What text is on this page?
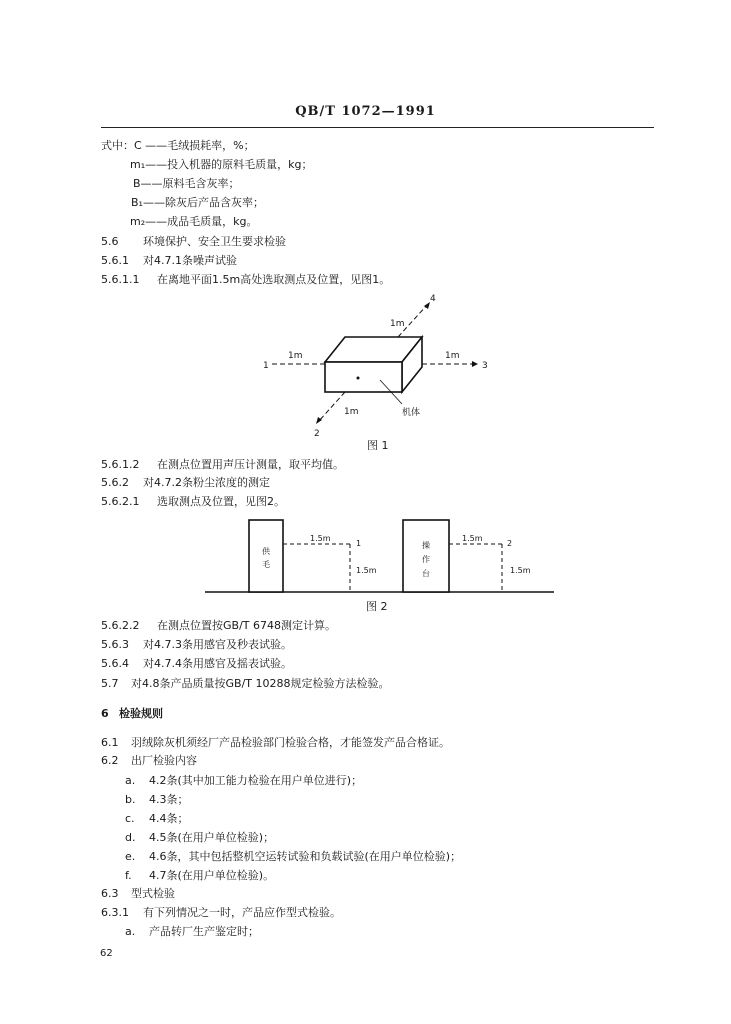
QB/T 1072—1991
式中：C ——毛绒损耗率，%；
m₁——投入机器的原料毛质量，kg；
B——原料毛含灰率；
B₁——除灰后产品含灰率；
m₂——成品毛质量，kg。
5.6 环境保护、安全卫生要求检验
5.6.1 对4.7.1条噪声试验
5.6.1.1 在离地平面1.5m高处选取测点及位置，见图1。
1m	1m
1m
1m
1
2
3
4
机体
图 1
5.6.1.2 在测点位置用声压计测量，取平均值。
5.6.2 对4.7.2条粉尘浓度的测定
5.6.2.1 选取测点及位置，见图2。
供
毛
操
作
台
1.5m	1.5m
1.5m	1.5m
1	2
图 2
5.6.2.2 在测点位置按GB/T 6748测定计算。
5.6.3 对4.7.3条用感官及秒表试验。
5.6.4 对4.7.4条用感官及摇表试验。
5.7 对4.8条产品质量按GB/T 10288规定检验方法检验。
6 检验规则
6.1 羽绒除灰机须经厂产品检验部门检验合格，才能签发产品合格证。
6.2 出厂检验内容
a. 4.2条(其中加工能力检验在用户单位进行)；
b. 4.3条；
c. 4.4条；
d. 4.5条(在用户单位检验)；
e. 4.6条，其中包括整机空运转试验和负载试验(在用户单位检验)；
f. 4.7条(在用户单位检验)。
6.3 型式检验
6.3.1 有下列情况之一时，产品应作型式检验。
a. 产品转厂生产鉴定时；
62
